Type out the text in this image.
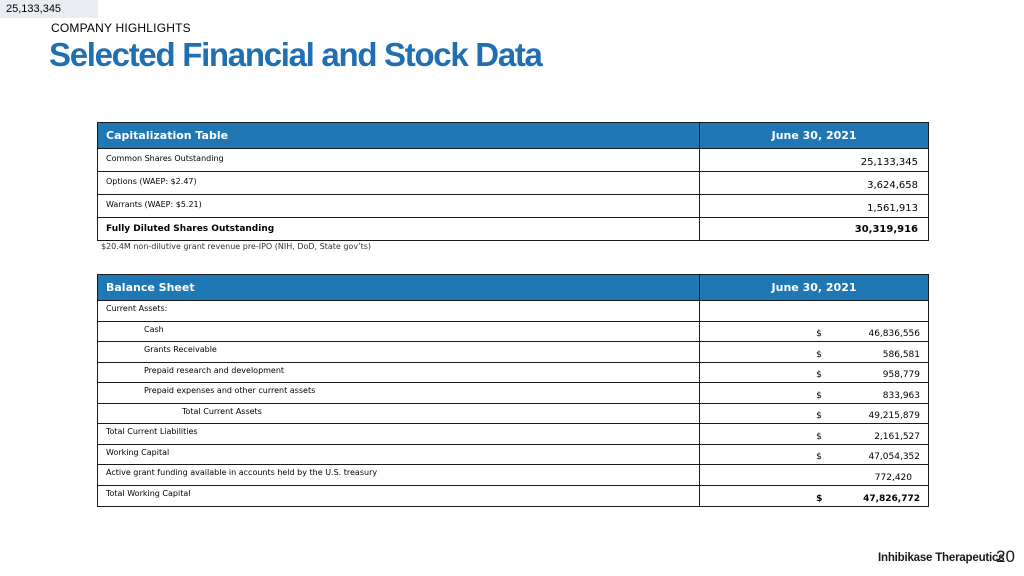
25,133,345
COMPANY HIGHLIGHTS
Selected Financial and Stock Data
Capitalization Table	June 30, 2021
Common Shares Outstanding	25,133,345
Options (WAEP: $2.47)	3,624,658
Warrants (WAEP: $5.21)	1,561,913
Fully Diluted Shares Outstanding	30,319,916
$20.4M non-dilutive grant revenue pre-IPO (NIH, DoD, State gov’ts)
Balance Sheet	June 30, 2021
Current Assets:	
Cash	$ 46,836,556

Grants Receivable	$ 586,581

Prepaid research and development	$ 958,779

Prepaid expenses and other current assets	$ 833,963

Total Current Assets	$ 49,215,879

Total Current Liabilities	$ 2,161,527

Working Capital	$ 47,054,352

Active grant funding available in accounts held by the U.S. treasury	772,420

Total Working Capital	$ 47,826,772
Inhibikase Therapeutics
20
